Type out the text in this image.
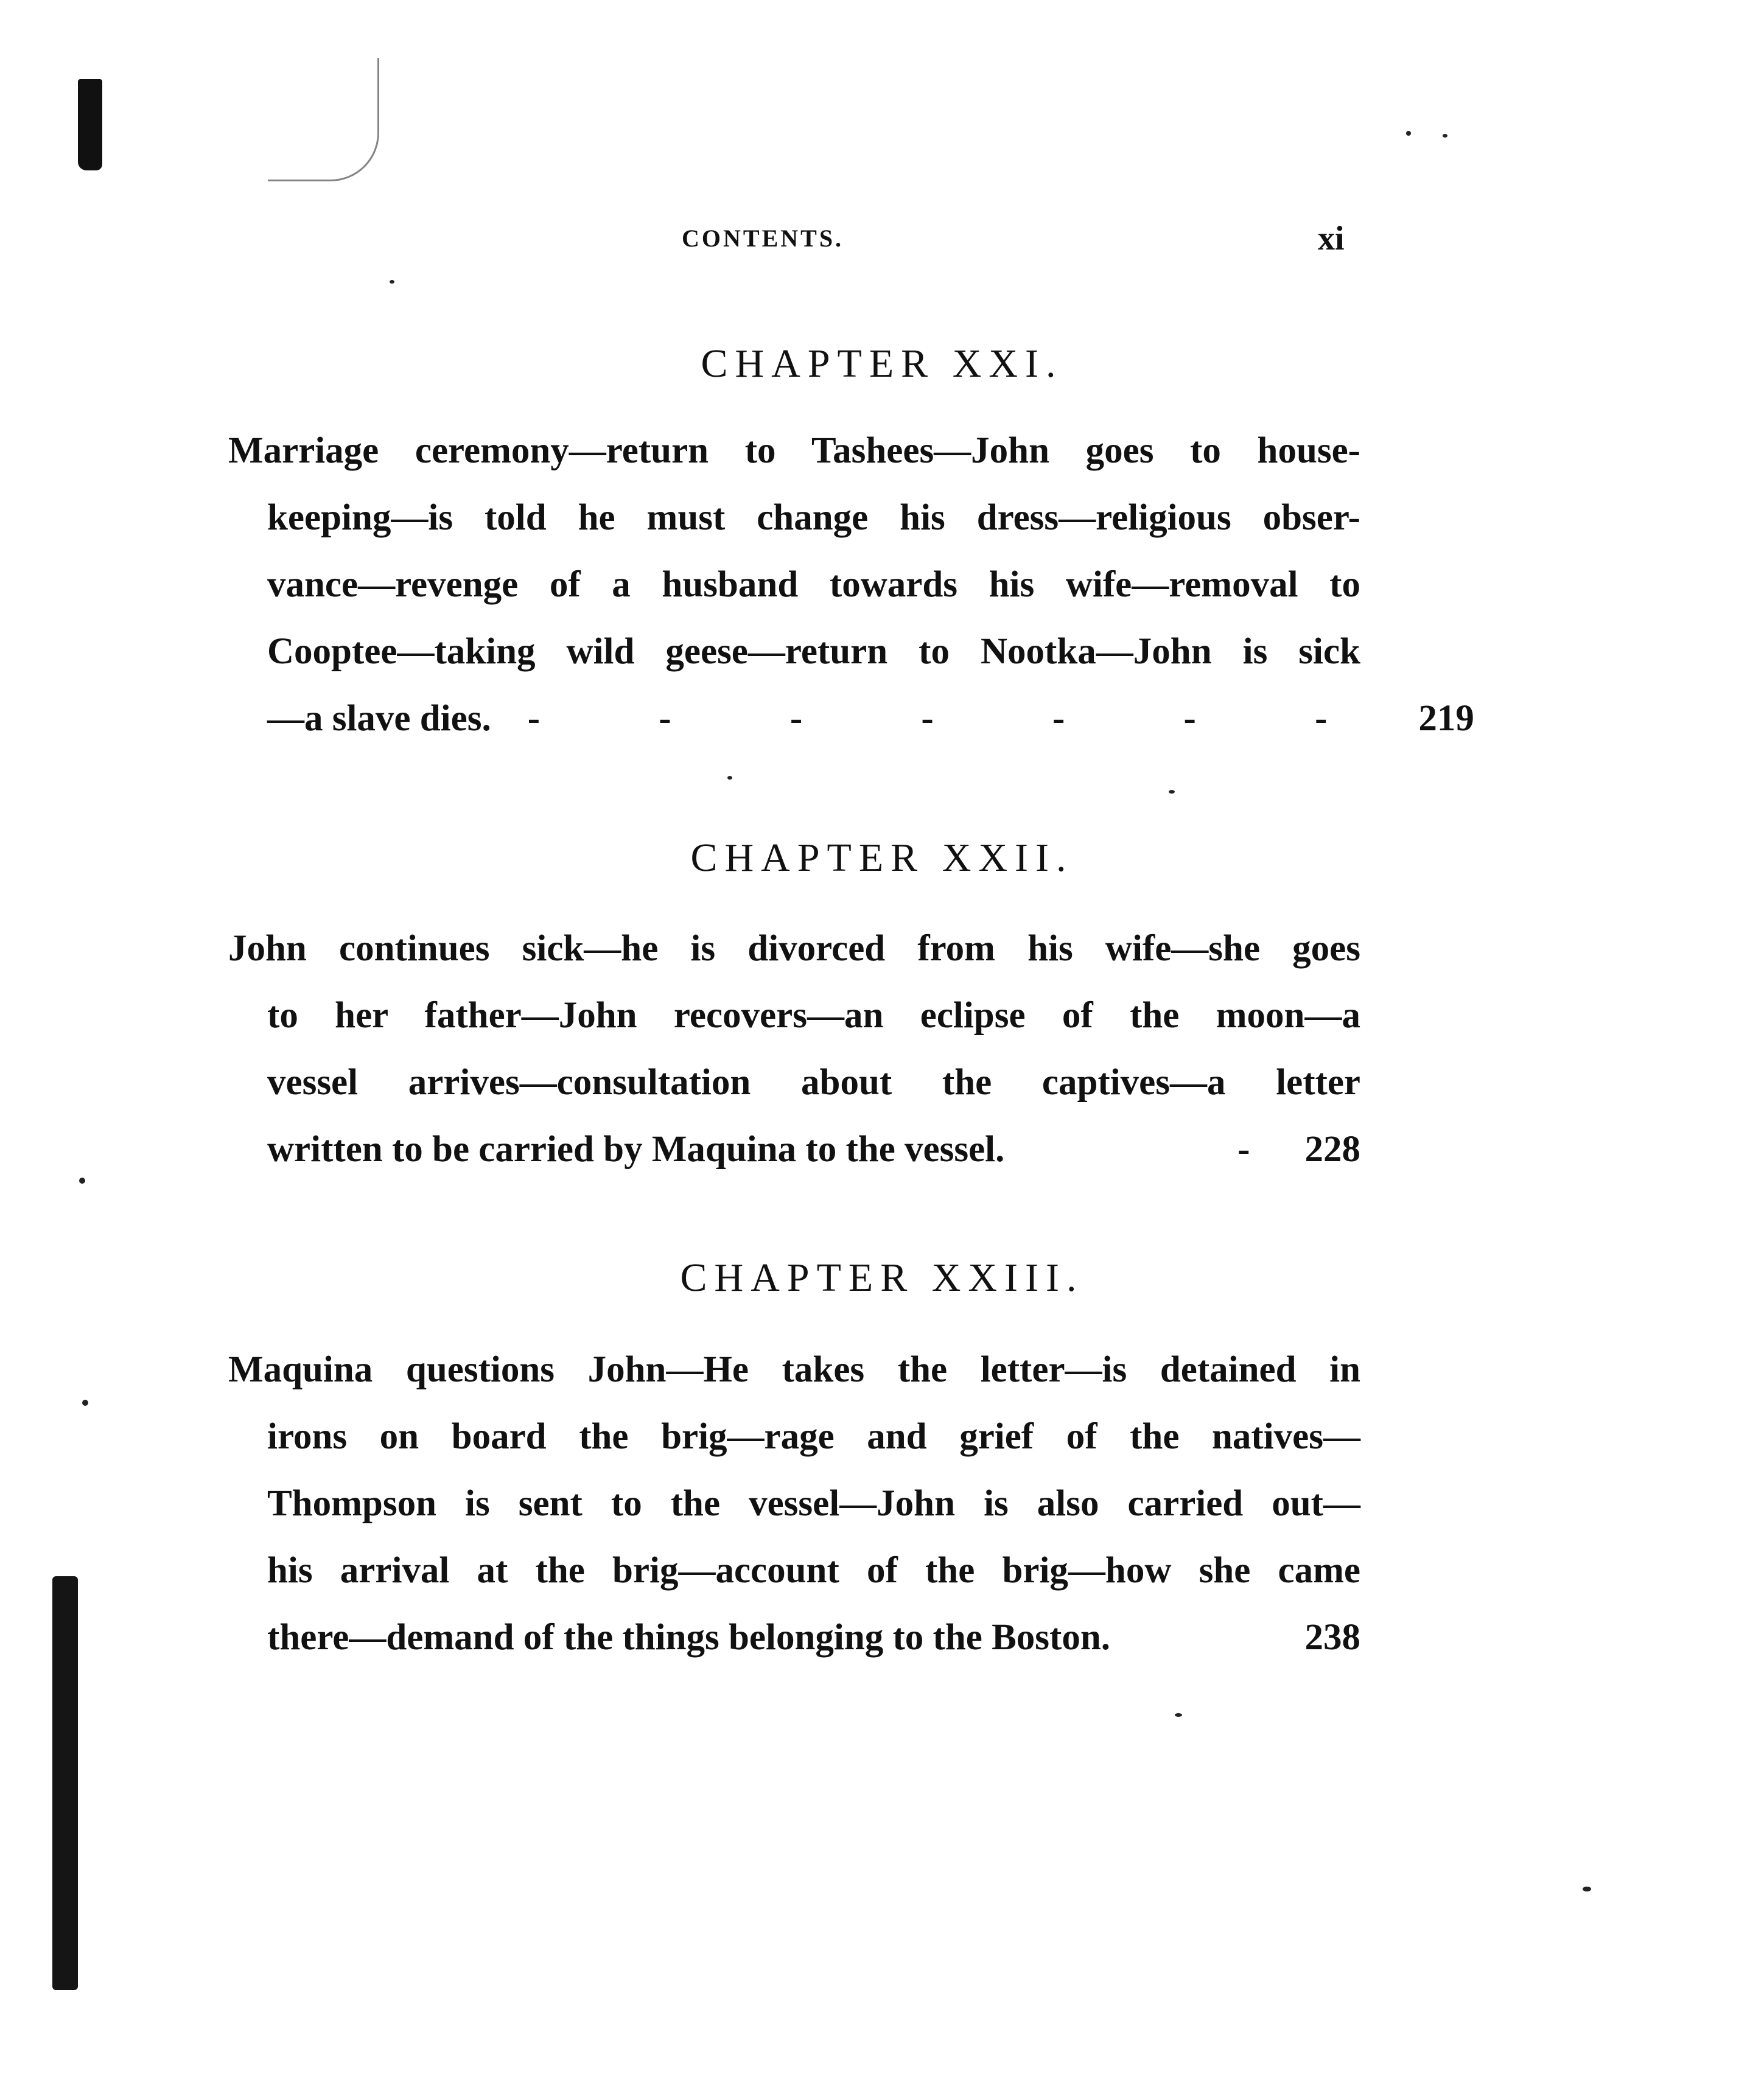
CONTENTS.	xi
CHAPTER XXI.
Marriage ceremony—return to Tashees—John goes to house-
keeping—is told he must change his dress—religious obser-
vance—revenge of a husband towards his wife—removal to
Cooptee—taking wild geese—return to Nootka—John is sick
—a slave dies. - - - - - - - 219
CHAPTER XXII.
John continues sick—he is divorced from his wife—she goes
to her father—John recovers—an eclipse of the moon—a
vessel arrives—consultation about the captives—a letter
written to be carried by Maquina to the vessel.	- 228
CHAPTER XXIII.
Maquina questions John—He takes the letter—is detained in
irons on board the brig—rage and grief of the natives—
Thompson is sent to the vessel—John is also carried out—
his arrival at the brig—account of the brig—how she came
there—demand of the things belonging to the Boston.	238
